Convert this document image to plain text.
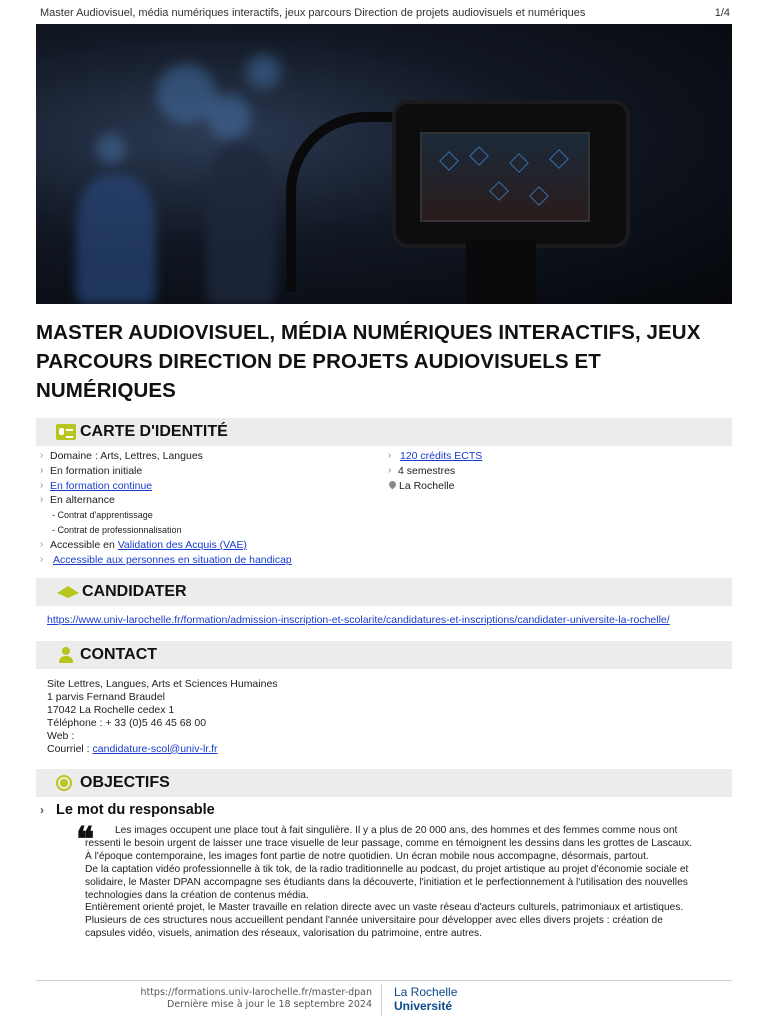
Master Audiovisuel, média numériques interactifs, jeux parcours Direction de projets audiovisuels et numériques	1/4
MASTER AUDIOVISUEL, MÉDIA NUMÉRIQUES INTERACTIFS, JEUX PARCOURS DIRECTION DE PROJETS AUDIOVISUELS ET NUMÉRIQUES
CARTE D'IDENTITÉ
› Domaine : Arts, Lettres, Langues
› En formation initiale
› En formation continue
› En alternance
- Contrat d'apprentissage
- Contrat de professionnalisation
› Accessible en Validation des Acquis (VAE)
› Accessible aux personnes en situation de handicap
› 120 crédits ECTS
› 4 semestres
La Rochelle
CANDIDATER
https://www.univ-larochelle.fr/formation/admission-inscription-et-scolarite/candidatures-et-inscriptions/candidater-universite-la-rochelle/
CONTACT
Site Lettres, Langues, Arts et Sciences Humaines
1 parvis Fernand Braudel
17042 La Rochelle cedex 1
Téléphone : + 33 (0)5 46 45 68 00
Web :
Courriel : candidature-scol@univ-lr.fr
OBJECTIFS
› Le mot du responsable
❝	Les images occupent une place tout à fait singulière. Il y a plus de 20 000 ans, des hommes et des femmes comme nous ont ressenti le besoin urgent de laisser une trace visuelle de leur passage, comme en témoignent les dessins dans les grottes de Lascaux. À l'époque contemporaine, les images font partie de notre quotidien. Un écran mobile nous accompagne, désormais, partout.

De la captation vidéo professionnelle à tik tok, de la radio traditionnelle au podcast, du projet artistique au projet d'économie sociale et solidaire, le Master DPAN accompagne ses étudiants dans la découverte, l'initiation et le perfectionnement à l'utilisation des nouvelles technologies dans la création de contenus média.

Entièrement orienté projet, le Master travaille en relation directe avec un vaste réseau d'acteurs culturels, patrimoniaux et artistiques. Plusieurs de ces structures nous accueillent pendant l'année universitaire pour développer avec elles divers projets : création de capsules vidéo, visuels, animation des réseaux, valorisation du patrimoine, entre autres.

https://formations.univ-larochelle.fr/master-dpan
Dernière mise à jour le 18 septembre 2024
La Rochelle
Université
